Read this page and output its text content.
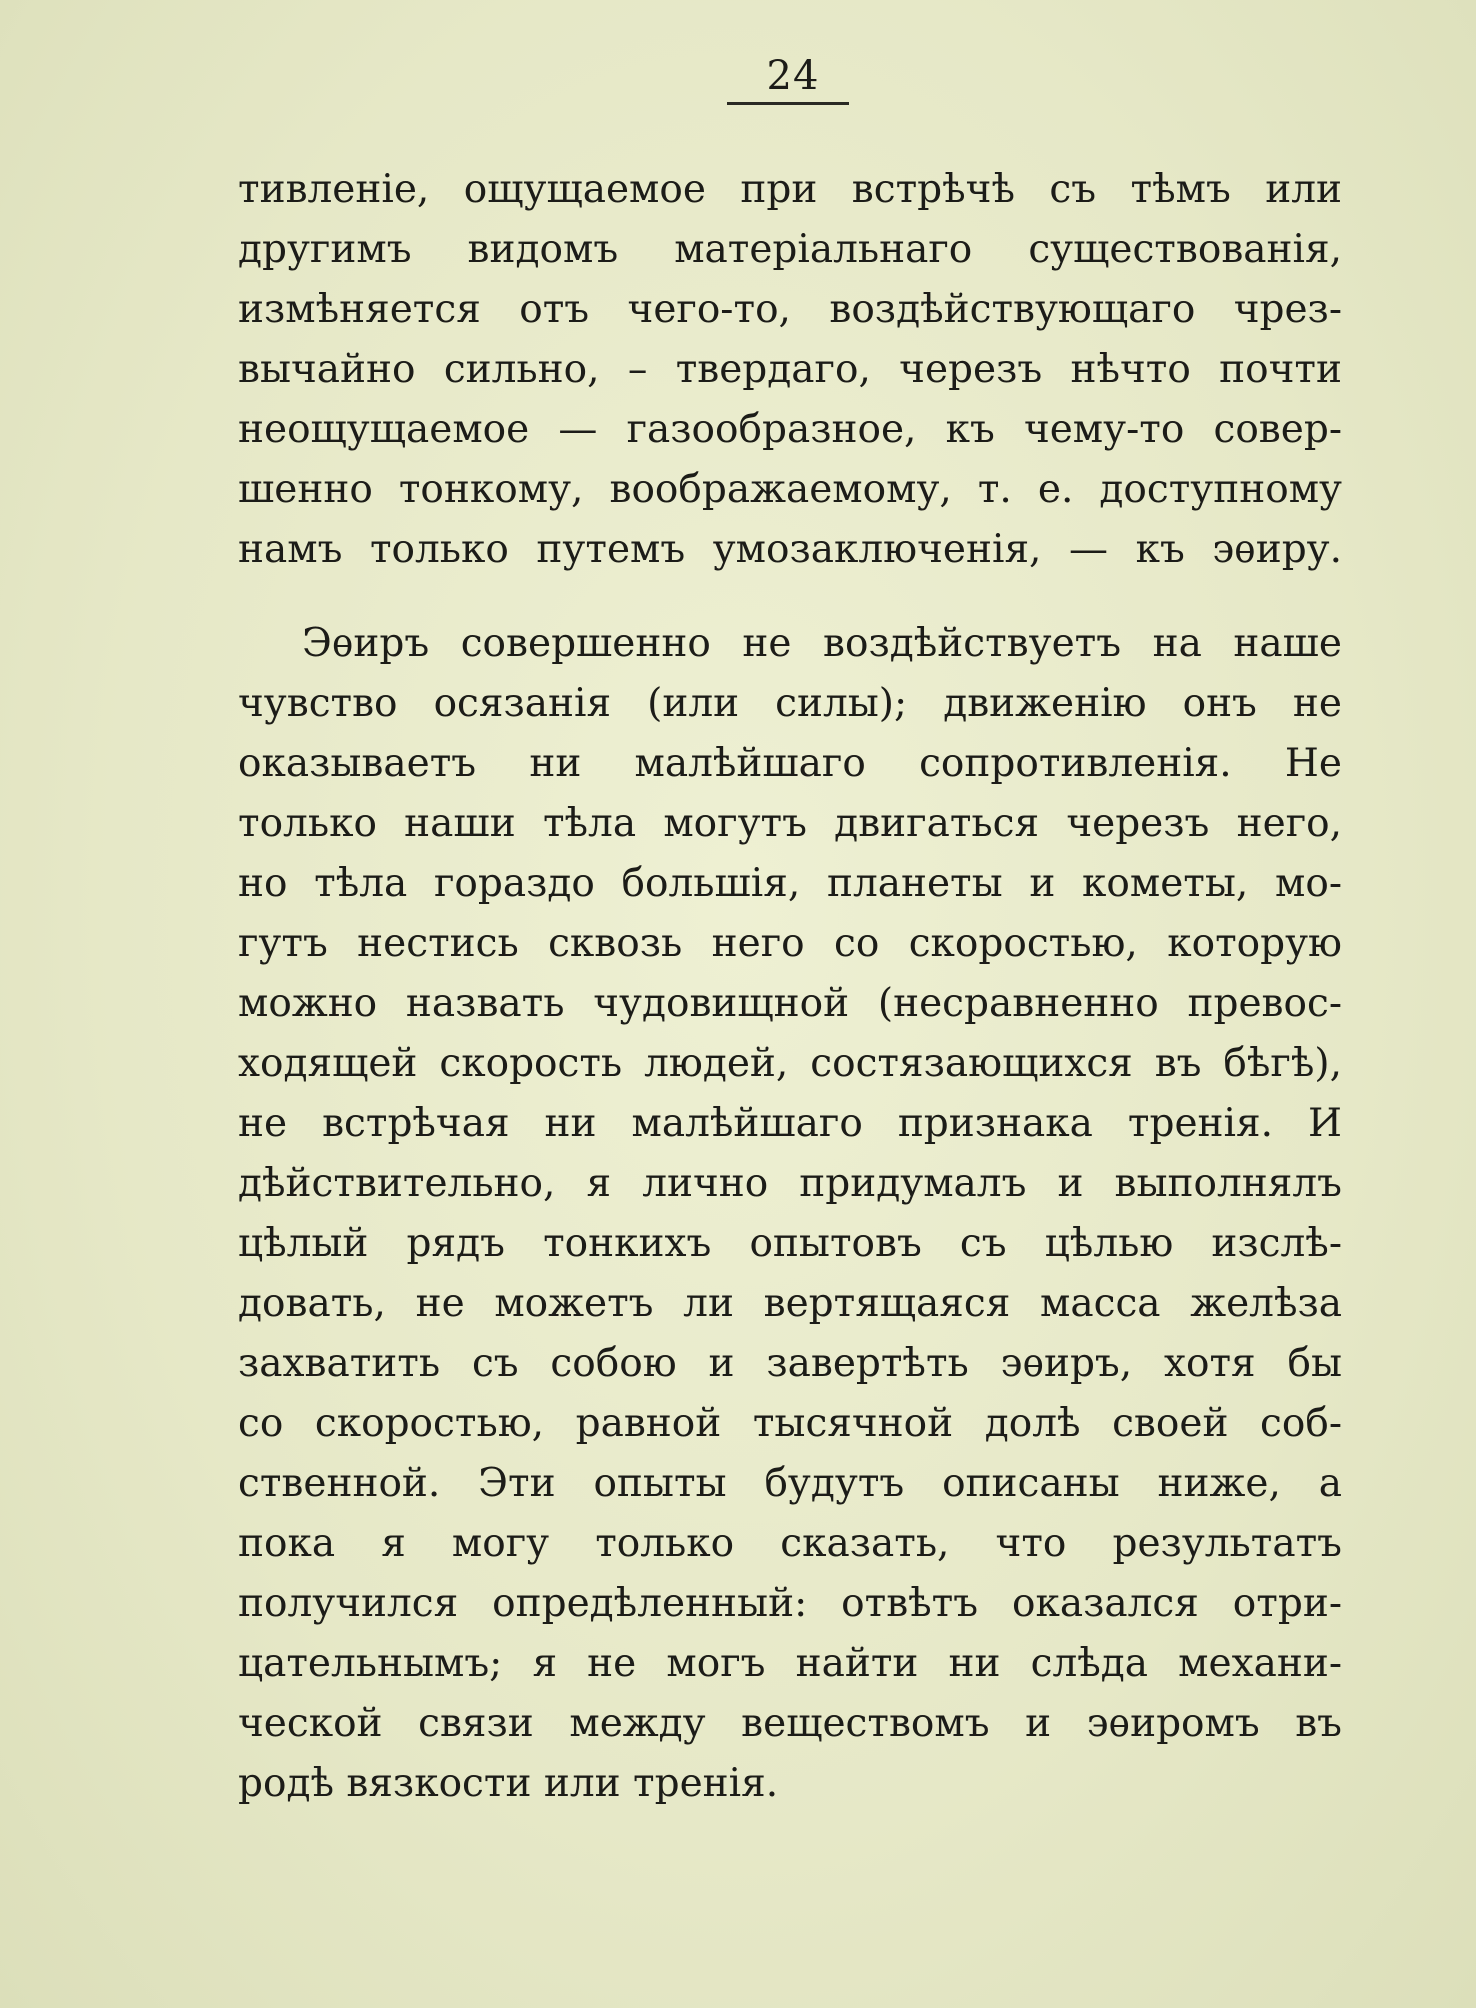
24
тивленіе, ощущаемое при встрѣчѣ съ тѣмъ или
другимъ видомъ матеріальнаго существованія,
измѣняется отъ чего-то, воздѣйствующаго чрез-
вычайно сильно, – твердаго, черезъ нѣчто почти
неощущаемое — газообразное, къ чему-то совер-
шенно тонкому, воображаемому, т. е. доступному
намъ только путемъ умозаключенія, — къ эѳиру.
Эѳиръ совершенно не воздѣйствуетъ на наше
чувство осязанія (или силы); движенію онъ не
оказываетъ ни малѣйшаго сопротивленія. Не
только наши тѣла могутъ двигаться черезъ него,
но тѣла гораздо большія, планеты и кометы, мо-
гутъ нестись сквозь него со скоростью, которую
можно назвать чудовищной (несравненно превос-
ходящей скорость людей, состязающихся въ бѣгѣ),
не встрѣчая ни малѣйшаго признака тренія. И
дѣйствительно, я лично придумалъ и выполнялъ
цѣлый рядъ тонкихъ опытовъ съ цѣлью изслѣ-
довать, не можетъ ли вертящаяся масса желѣза
захватить съ собою и завертѣть эѳиръ, хотя бы
со скоростью, равной тысячной долѣ своей соб-
ственной. Эти опыты будутъ описаны ниже, а
пока я могу только сказать, что результатъ
получился опредѣленный: отвѣтъ оказался отри-
цательнымъ; я не могъ найти ни слѣда механи-
ческой связи между веществомъ и эѳиромъ въ
родѣ вязкости или тренія.
